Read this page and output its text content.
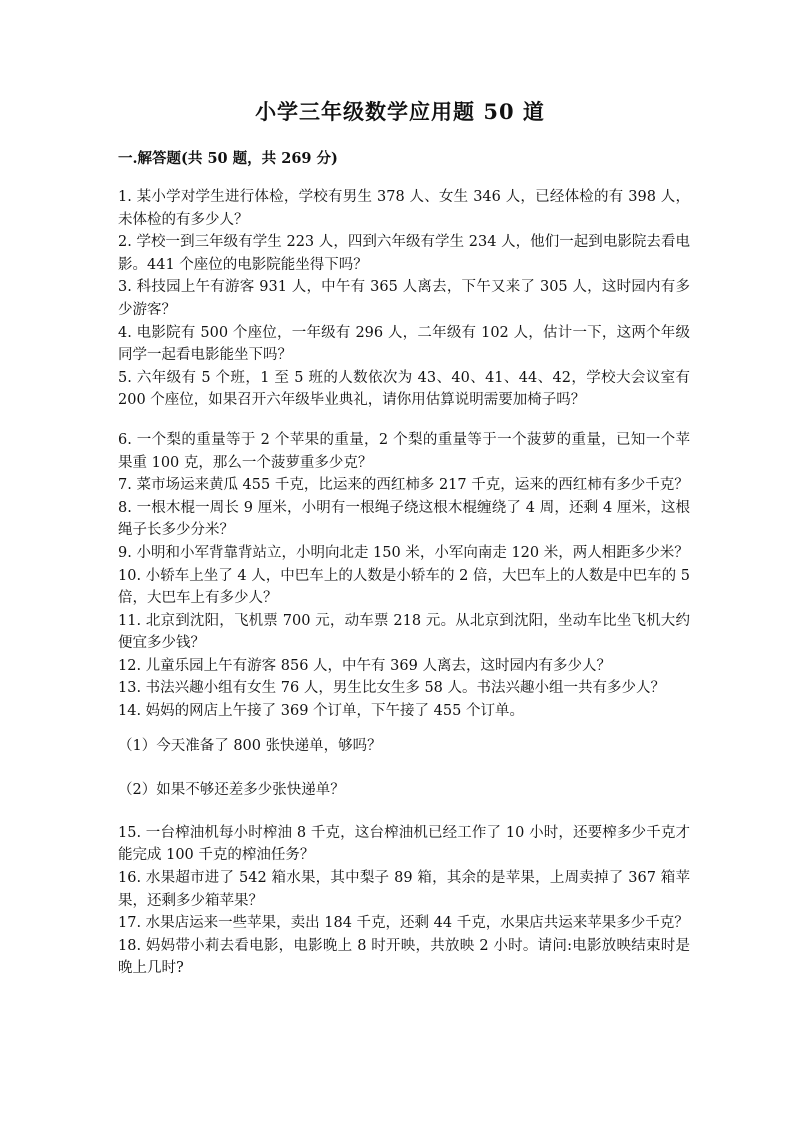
小学三年级数学应用题 50 道
一.解答题(共 50 题，共 269 分)

1. 某小学对学生进行体检，学校有男生 378 人、女生 346 人，已经体检的有 398 人，未体检的有多少人？

2. 学校一到三年级有学生 223 人，四到六年级有学生 234 人，他们一起到电影院去看电影。441 个座位的电影院能坐得下吗？

3. 科技园上午有游客 931 人，中午有 365 人离去，下午又来了 305 人，这时园内有多少游客？

4. 电影院有 500 个座位，一年级有 296 人，二年级有 102 人，估计一下，这两个年级同学一起看电影能坐下吗？

5. 六年级有 5 个班，1 至 5 班的人数依次为 43、40、41、44、42，学校大会议室有 200 个座位，如果召开六年级毕业典礼，请你用估算说明需要加椅子吗？

6. 一个梨的重量等于 2 个苹果的重量，2 个梨的重量等于一个菠萝的重量，已知一个苹果重 100 克，那么一个菠萝重多少克？

7. 菜市场运来黄瓜 455 千克，比运来的西红柿多 217 千克，运来的西红柿有多少千克？

8. 一根木棍一周长 9 厘米，小明有一根绳子绕这根木棍缠绕了 4 周，还剩 4 厘米，这根绳子长多少分米？

9. 小明和小军背靠背站立，小明向北走 150 米，小军向南走 120 米，两人相距多少米？

10. 小轿车上坐了 4 人，中巴车上的人数是小轿车的 2 倍，大巴车上的人数是中巴车的 5 倍，大巴车上有多少人？

11. 北京到沈阳，飞机票 700 元，动车票 218 元。从北京到沈阳，坐动车比坐飞机大约便宜多少钱？

12. 儿童乐园上午有游客 856 人，中午有 369 人离去，这时园内有多少人？

13. 书法兴趣小组有女生 76 人，男生比女生多 58 人。书法兴趣小组一共有多少人？

14. 妈妈的网店上午接了 369 个订单，下午接了 455 个订单。

（1）今天准备了 800 张快递单，够吗？

（2）如果不够还差多少张快递单？

15. 一台榨油机每小时榨油 8 千克，这台榨油机已经工作了 10 小时，还要榨多少千克才能完成 100 千克的榨油任务？

16. 水果超市进了 542 箱水果，其中梨子 89 箱，其余的是苹果，上周卖掉了 367 箱苹果，还剩多少箱苹果？

17. 水果店运来一些苹果，卖出 184 千克，还剩 44 千克，水果店共运来苹果多少千克？

18. 妈妈带小莉去看电影，电影晚上 8 时开映，共放映 2 小时。请问:电影放映结束时是晚上几时?
